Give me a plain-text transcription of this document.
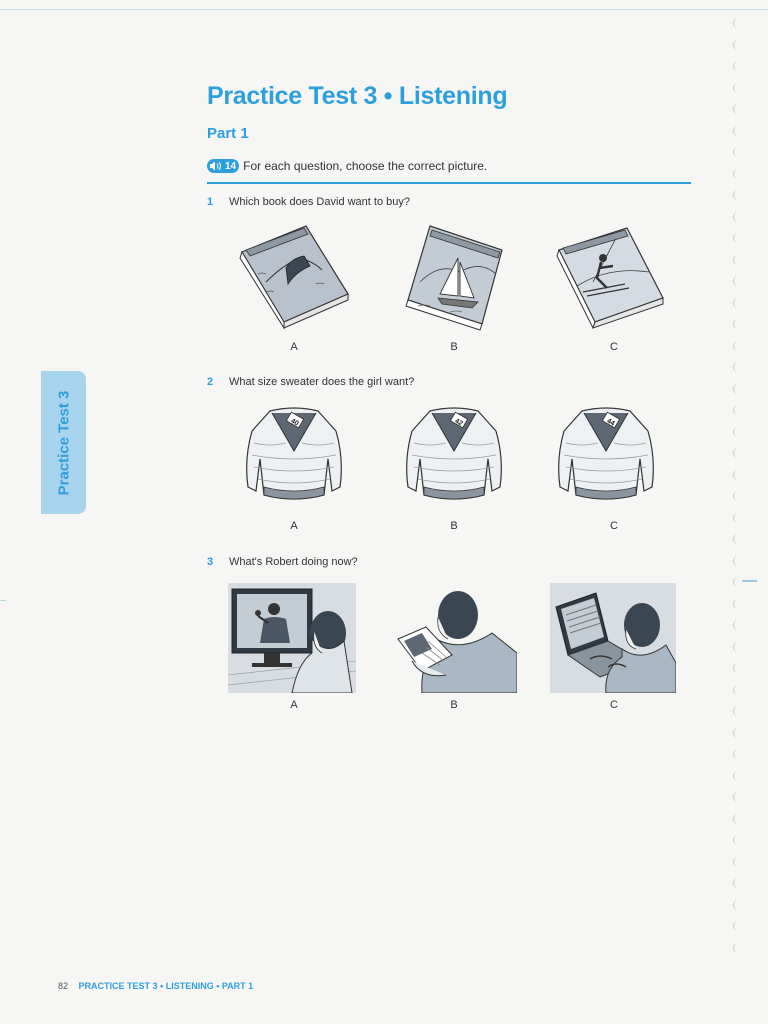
Practice Test 3 • Listening
Part 1
14 For each question, choose the correct picture.
1	Which book does David want to buy?
A	B	C
2	What size sweater does the girl want?
40	42	44
A	B	C
3	What's Robert doing now?
A	B	C
Practice Test 3
82 PRACTICE TEST 3 • LISTENING • PART 1
